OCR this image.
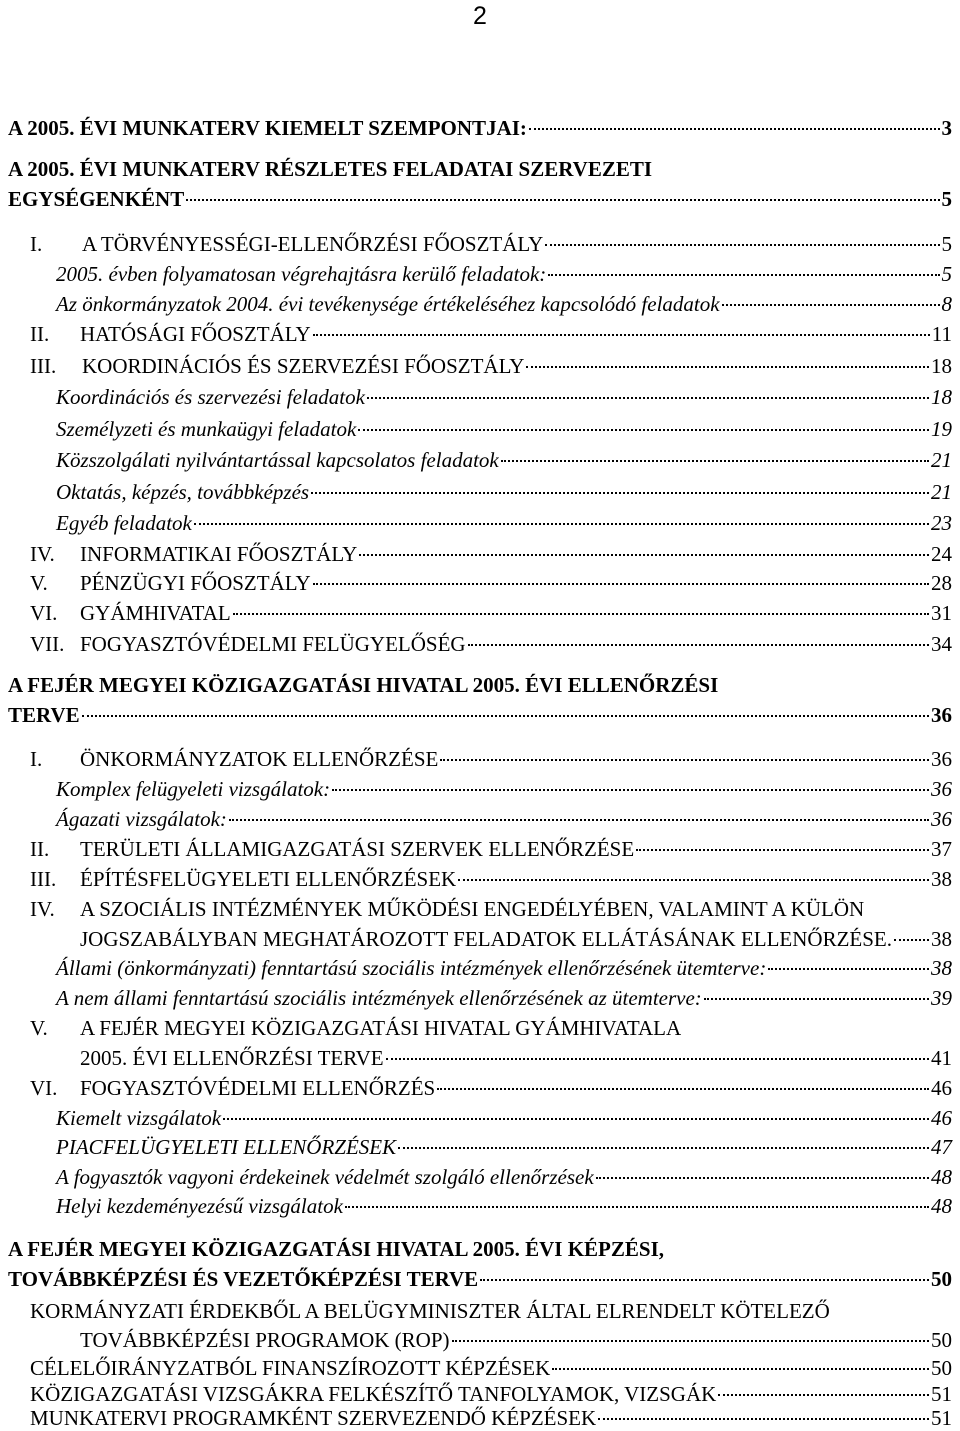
2
A 2005. ÉVI MUNKATERV KIEMELT SZEMPONTJAI:	3
A 2005. ÉVI MUNKATERV RÉSZLETES FELADATAI SZERVEZETI
EGYSÉGENKÉNT	5
I. A TÖRVÉNYESSÉGI-ELLENŐRZÉSI FŐOSZTÁLY	5
2005. évben folyamatosan végrehajtásra kerülő feladatok:	5
Az önkormányzatok 2004. évi tevékenysége értékeléséhez kapcsolódó feladatok	8
II. HATÓSÁGI FŐOSZTÁLY	11
III. KOORDINÁCIÓS ÉS SZERVEZÉSI FŐOSZTÁLY	18
Koordinációs és szervezési feladatok	18
Személyzeti és munkaügyi feladatok	19
Közszolgálati nyilvántartással kapcsolatos feladatok	21
Oktatás, képzés, továbbképzés	21
Egyéb feladatok	23
IV. INFORMATIKAI FŐOSZTÁLY	24
V. PÉNZÜGYI FŐOSZTÁLY	28
VI. GYÁMHIVATAL	31
VII. FOGYASZTÓVÉDELMI FELÜGYELŐSÉG	34
A FEJÉR MEGYEI KÖZIGAZGATÁSI HIVATAL 2005. ÉVI ELLENŐRZÉSI
TERVE	36
I. ÖNKORMÁNYZATOK ELLENŐRZÉSE	36
Komplex felügyeleti vizsgálatok:	36
Ágazati vizsgálatok:	36
II. TERÜLETI ÁLLAMIGAZGATÁSI SZERVEK ELLENŐRZÉSE	37
III. ÉPÍTÉSFELÜGYELETI ELLENŐRZÉSEK	38
IV. A SZOCIÁLIS INTÉZMÉNYEK MŰKÖDÉSI ENGEDÉLYÉBEN, VALAMINT A KÜLÖN
JOGSZABÁLYBAN MEGHATÁROZOTT FELADATOK ELLÁTÁSÁNAK ELLENŐRZÉSE. 38
Állami (önkormányzati) fenntartású szociális intézmények ellenőrzésének ütemterve:	38
A nem állami fenntartású szociális intézmények ellenőrzésének az ütemterve:	39
V. A FEJÉR MEGYEI KÖZIGAZGATÁSI HIVATAL GYÁMHIVATALA
2005. ÉVI ELLENŐRZÉSI TERVE	41
VI. FOGYASZTÓVÉDELMI ELLENŐRZÉS	46
Kiemelt vizsgálatok	46
PIACFELÜGYELETI ELLENŐRZÉSEK	47
A fogyasztók vagyoni érdekeinek védelmét szolgáló ellenőrzések	48
Helyi kezdeményezésű vizsgálatok	48
A FEJÉR MEGYEI KÖZIGAZGATÁSI HIVATAL 2005. ÉVI KÉPZÉSI,
TOVÁBBKÉPZÉSI ÉS VEZETŐKÉPZÉSI TERVE	50
KORMÁNYZATI ÉRDEKBŐL A BELÜGYMINISZTER ÁLTAL ELRENDELT KÖTELEZŐ
TOVÁBBKÉPZÉSI PROGRAMOK (ROP)	50
CÉLELŐIRÁNYZATBÓL FINANSZÍROZOTT KÉPZÉSEK	50
KÖZIGAZGATÁSI VIZSGÁKRA FELKÉSZÍTŐ TANFOLYAMOK, VIZSGÁK	51
MUNKATERVI PROGRAMKÉNT SZERVEZENDŐ KÉPZÉSEK	51
